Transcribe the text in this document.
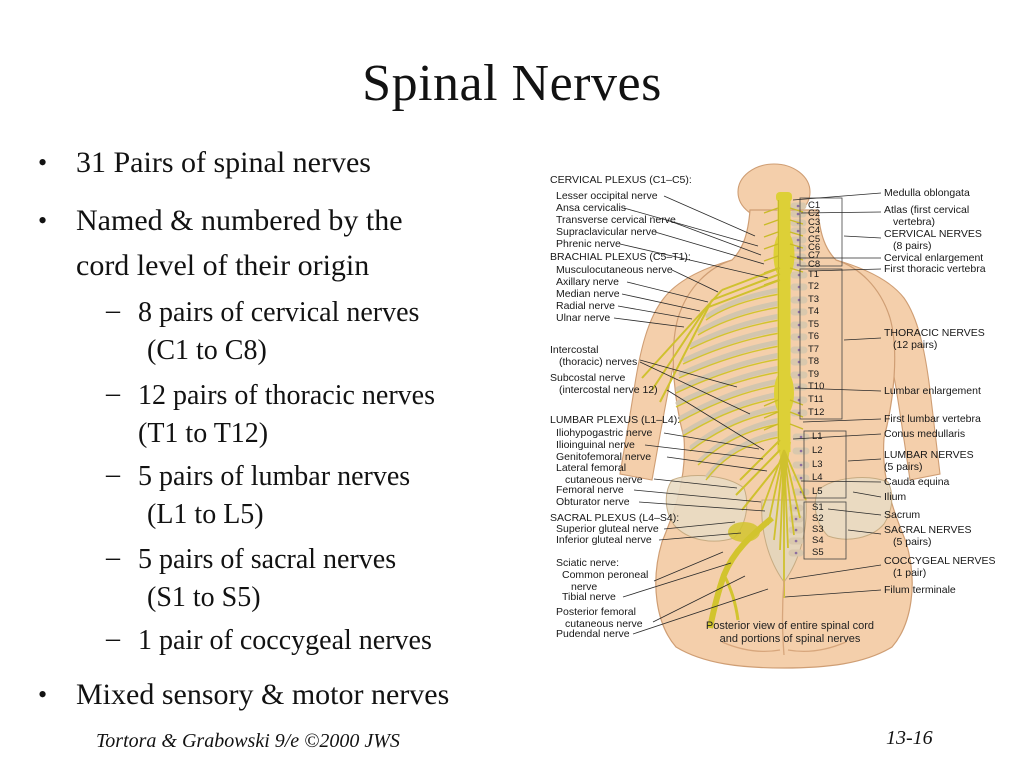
Spinal Nerves
• 31 Pairs of spinal nerves
• Named & numbered by the
cord level of their origin
– 8 pairs of cervical nerves
(C1 to C8)
– 12 pairs of thoracic nerves
(T1 to T12)
– 5 pairs of lumbar nerves
(L1 to L5)
– 5 pairs of sacral nerves
(S1 to S5)
– 1 pair of coccygeal nerves
• Mixed sensory & motor nerves
Tortora & Grabowski 9/e ©2000 JWS	13-16
CERVICAL PLEXUS (C1–C5):
Lesser occipital nerve
Ansa cervicalis
Transverse cervical nerve
Supraclavicular nerve
Phrenic nerve
BRACHIAL PLEXUS (C5–T1):
Musculocutaneous nerve
Axillary nerve
Median nerve
Radial nerve
Ulnar nerve
Intercostal
(thoracic) nerves
Subcostal nerve
(intercostal nerve 12)
LUMBAR PLEXUS (L1–L4):
Iliohypogastric nerve
Ilioinguinal nerve
Genitofemoral nerve
Lateral femoral
cutaneous nerve
Femoral nerve
Obturator nerve
SACRAL PLEXUS (L4–S4):
Superior gluteal nerve
Inferior gluteal nerve
Sciatic nerve:
Common peroneal
nerve
Tibial nerve
Posterior femoral
cutaneous nerve
Pudendal nerve
Medulla oblongata
Atlas (first cervical
vertebra)
CERVICAL NERVES
(8 pairs)
Cervical enlargement
First thoracic vertebra
THORACIC NERVES
(12 pairs)
Lumbar enlargement
First lumbar vertebra
Conus medullaris
LUMBAR NERVES
(5 pairs)
Cauda equina
Ilium
Sacrum
SACRAL NERVES
(5 pairs)
COCCYGEAL NERVES
(1 pair)
Filum terminale
C1
C2
C3
C4
C5
C6
C7
C8
T1
T2
T3
T4
T5
T6
T7
T8
T9
T10
T11
T12
L1
L2
L3
L4
L5
S1
S2
S3
S4
S5
Posterior view of entire spinal cord
and portions of spinal nerves
